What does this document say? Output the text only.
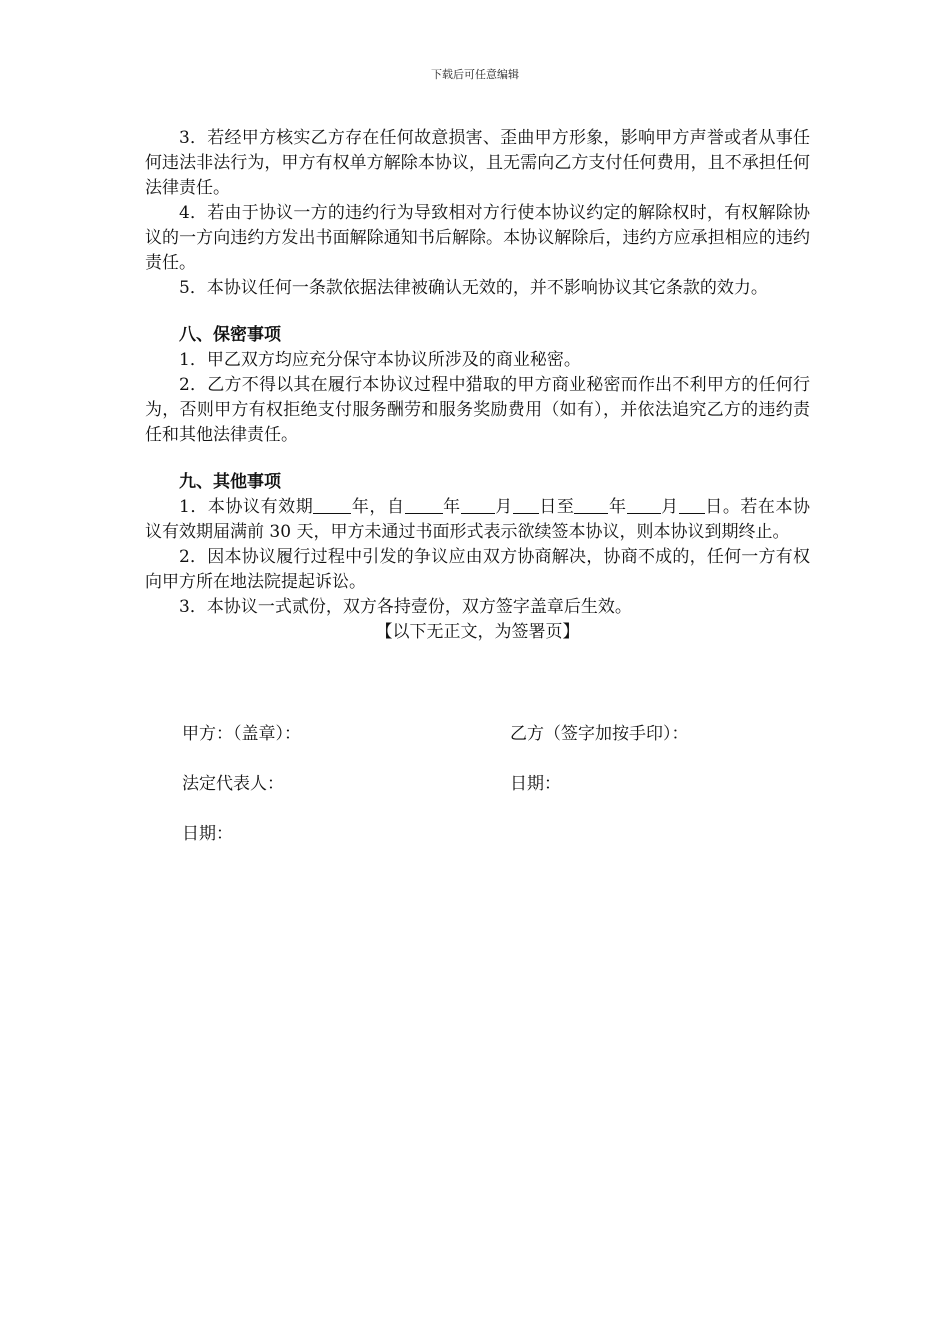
下载后可任意编辑

3．若经甲方核实乙方存在任何故意损害、歪曲甲方形象，影响甲方声誉或者从事任何违法非法行为，甲方有权单方解除本协议，且无需向乙方支付任何费用，且不承担任何法律责任。

4．若由于协议一方的违约行为导致相对方行使本协议约定的解除权时，有权解除协议的一方向违约方发出书面解除通知书后解除。本协议解除后，违约方应承担相应的违约责任。

5．本协议任何一条款依据法律被确认无效的，并不影响协议其它条款的效力。

八、保密事项

1．甲乙双方均应充分保守本协议所涉及的商业秘密。

2．乙方不得以其在履行本协议过程中猎取的甲方商业秘密而作出不利甲方的任何行为，否则甲方有权拒绝支付服务酬劳和服务奖励费用（如有），并依法追究乙方的违约责任和其他法律责任。

九、其他事项

1．本协议有效期 年，自 年 月 日至 年 月 日。若在本协议有效期届满前 30 天，甲方未通过书面形式表示欲续签本协议，则本协议到期终止。

2．因本协议履行过程中引发的争议应由双方协商解决，协商不成的，任何一方有权向甲方所在地法院提起诉讼。

3．本协议一式贰份，双方各持壹份，双方签字盖章后生效。

【以下无正文，为签署页】

甲方：（盖章）：	乙方（签字加按手印）：
法定代表人：	日期：
日期：
